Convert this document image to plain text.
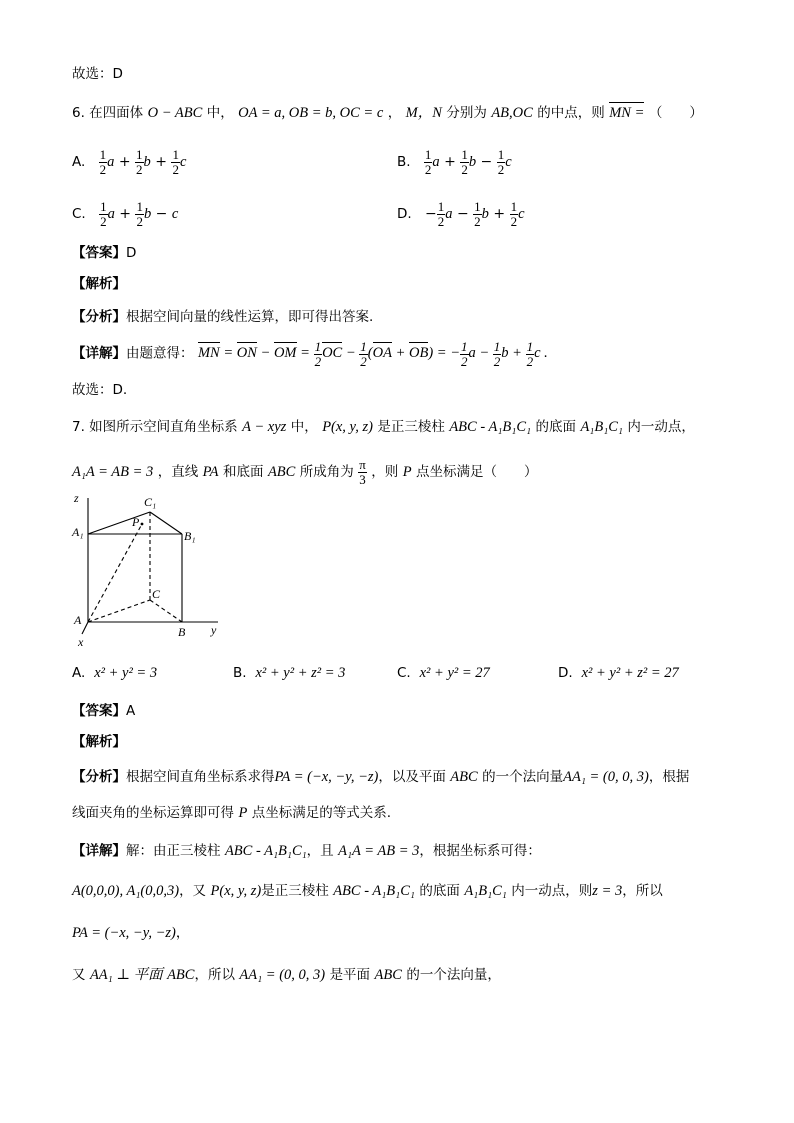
故选：D
6. 在四面体 O − ABC 中， OA = a, OB = b, OC = c ， M，N 分别为 AB,OC 的中点，则 MN = （　　）
A. $\frac{1}{2}$ $a + \frac{1}{2}$ $b + \frac{1}{2}$ c	B. $\frac{1}{2}$ $a + \frac{1}{2}$ $b - \frac{1}{2}$ c
C. $\frac{1}{2}$ $a + \frac{1}{2}$ b − c	D.   − $\frac{1}{2}$ $a - \frac{1}{2}$ $b + \frac{1}{2}$ c
【答案】D
【解析】
【分析】根据空间向量的线性运算，即可得出答案.
【详解】由题意得： MN = ON − OM = $\frac{1}{2}$ OC − $\frac{1}{2} (OA + OB)$ = − $\frac{1}{2}$ $a - \frac{1}{2}$ $b + \frac{1}{2}$ c .
故选：D.
7. 如图所示空间直角坐标系 A − xyz 中， P(x, y, z) 是正三棱柱 ABC - A₁B₁C₁ 的底面 A₁B₁C₁ 内一动点，
A₁A = AB = 3 ，直线 PA 和底面 ABC 所成角为 $\frac{\pi}{3}$ ，则 P 点坐标满足（　　）
z
A₁
C₁
P
B₁
C
A
x
B y
A. x² + y² = 3	B. x² + y² + z² = 3	C. x² + y² = 27	D. x² + y² + z² = 27
【答案】A
【解析】
【分析】根据空间直角坐标系求得PA = (−x, −y, −z)，以及平面 ABC 的一个法向量AA₁ = (0, 0, 3)，根据
线面夹角的坐标运算即可得 P 点坐标满足的等式关系.
【详解】解：由正三棱柱 ABC - A₁B₁C₁，且 A₁A = AB = 3，根据坐标系可得：
A(0,0,0), A₁(0,0,3)，又 P(x, y, z)是正三棱柱 ABC - A₁B₁C₁ 的底面 A₁B₁C₁ 内一动点，则z = 3，所以
PA = (−x, −y, −z)，
又 AA₁ ⊥ 平面 ABC，所以 AA₁ = (0, 0, 3) 是平面 ABC 的一个法向量，
